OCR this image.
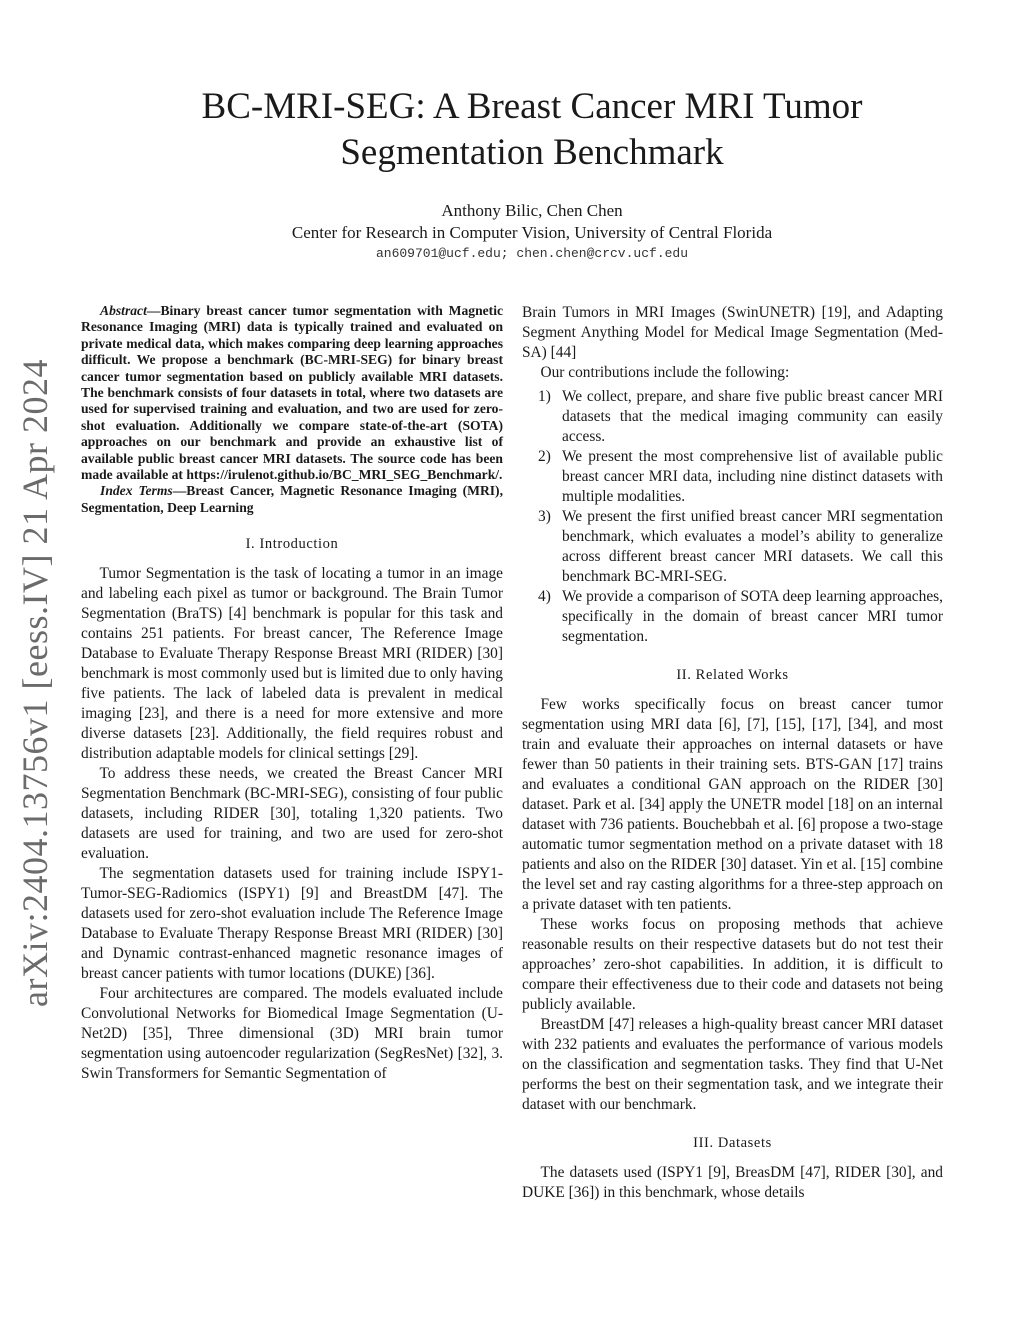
arXiv:2404.13756v1 [eess.IV] 21 Apr 2024
BC-MRI-SEG: A Breast Cancer MRI Tumor
Segmentation Benchmark
Anthony Bilic, Chen Chen
Center for Research in Computer Vision, University of Central Florida
an609701@ucf.edu; chen.chen@crcv.ucf.edu

Abstract—Binary breast cancer tumor segmentation with Magnetic Resonance Imaging (MRI) data is typically trained and evaluated on private medical data, which makes comparing deep learning approaches difficult. We propose a benchmark (BC-MRI-SEG) for binary breast cancer tumor segmentation based on publicly available MRI datasets. The benchmark consists of four datasets in total, where two datasets are used for supervised training and evaluation, and two are used for zero-shot evaluation. Additionally we compare state-of-the-art (SOTA) approaches on our benchmark and provide an exhaustive list of available public breast cancer MRI datasets. The source code has been made available at https://irulenot.github.io/BC_MRI_SEG_Benchmark/.

Index Terms—Breast Cancer, Magnetic Resonance Imaging (MRI), Segmentation, Deep Learning

I. Introduction

Tumor Segmentation is the task of locating a tumor in an image and labeling each pixel as tumor or background. The Brain Tumor Segmentation (BraTS) [4] benchmark is popular for this task and contains 251 patients. For breast cancer, The Reference Image Database to Evaluate Therapy Response Breast MRI (RIDER) [30] benchmark is most commonly used but is limited due to only having five patients. The lack of labeled data is prevalent in medical imaging [23], and there is a need for more extensive and more diverse datasets [23]. Additionally, the field requires robust and distribution adaptable models for clinical settings [29].

To address these needs, we created the Breast Cancer MRI Segmentation Benchmark (BC-MRI-SEG), consisting of four public datasets, including RIDER [30], totaling 1,320 patients. Two datasets are used for training, and two are used for zero-shot evaluation.

The segmentation datasets used for training include ISPY1-Tumor-SEG-Radiomics (ISPY1) [9] and BreastDM [47]. The datasets used for zero-shot evaluation include The Reference Image Database to Evaluate Therapy Response Breast MRI (RIDER) [30] and Dynamic contrast-enhanced magnetic resonance images of breast cancer patients with tumor locations (DUKE) [36].

Four architectures are compared. The models evaluated include Convolutional Networks for Biomedical Image Segmentation (U-Net2D) [35], Three dimensional (3D) MRI brain tumor segmentation using autoencoder regularization (SegResNet) [32], 3. Swin Transformers for Semantic Segmentation of

Brain Tumors in MRI Images (SwinUNETR) [19], and Adapting Segment Anything Model for Medical Image Segmentation (Med-SA) [44]

Our contributions include the following:

1) We collect, prepare, and share five public breast cancer MRI datasets that the medical imaging community can easily access.
2) We present the most comprehensive list of available public breast cancer MRI data, including nine distinct datasets with multiple modalities.
3) We present the first unified breast cancer MRI segmentation benchmark, which evaluates a model’s ability to generalize across different breast cancer MRI datasets. We call this benchmark BC-MRI-SEG.
4) We provide a comparison of SOTA deep learning approaches, specifically in the domain of breast cancer MRI tumor segmentation.
II. Related Works

Few works specifically focus on breast cancer tumor segmentation using MRI data [6], [7], [15], [17], [34], and most train and evaluate their approaches on internal datasets or have fewer than 50 patients in their training sets. BTS-GAN [17] trains and evaluates a conditional GAN approach on the RIDER [30] dataset. Park et al. [34] apply the UNETR model [18] on an internal dataset with 736 patients. Bouchebbah et al. [6] propose a two-stage automatic tumor segmentation method on a private dataset with 18 patients and also on the RIDER [30] dataset. Yin et al. [15] combine the level set and ray casting algorithms for a three-step approach on a private dataset with ten patients.

These works focus on proposing methods that achieve reasonable results on their respective datasets but do not test their approaches’ zero-shot capabilities. In addition, it is difficult to compare their effectiveness due to their code and datasets not being publicly available.

BreastDM [47] releases a high-quality breast cancer MRI dataset with 232 patients and evaluates the performance of various models on the classification and segmentation tasks. They find that U-Net performs the best on their segmentation task, and we integrate their dataset with our benchmark.

III. Datasets

The datasets used (ISPY1 [9], BreasDM [47], RIDER [30], and DUKE [36]) in this benchmark, whose details
